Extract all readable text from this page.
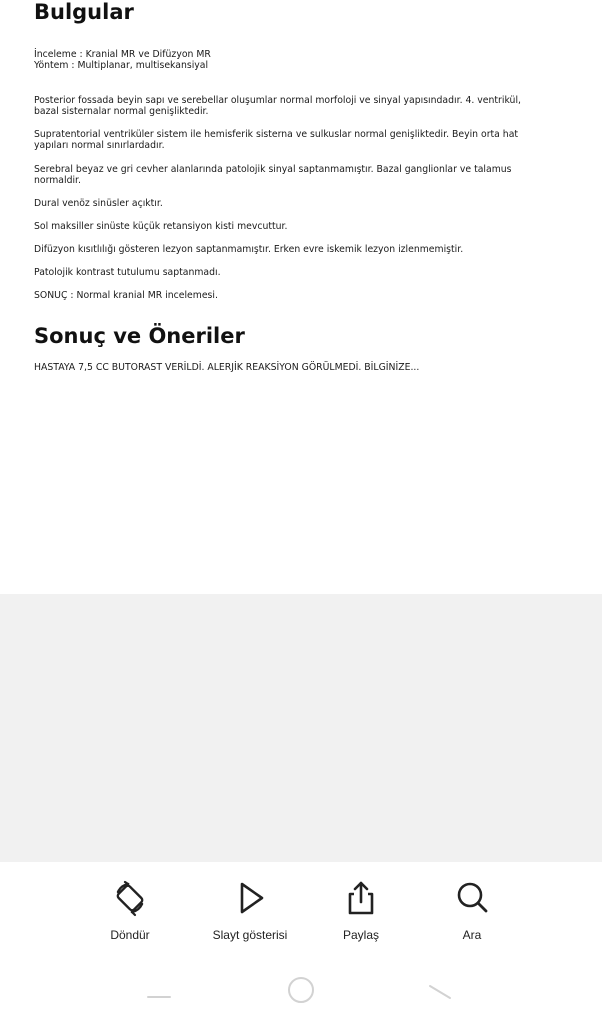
Bulgular
İnceleme : Kranial MR ve Difüzyon MR
Yöntem : Multiplanar, multisekansiyal
Posterior fossada beyin sapı ve serebellar oluşumlar normal morfoloji ve sinyal yapısındadır. 4. ventrikül,
bazal sisternalar normal genişliktedir.
Supratentorial ventriküler sistem ile hemisferik sisterna ve sulkuslar normal genişliktedir. Beyin orta hat
yapıları normal sınırlardadır.
Serebral beyaz ve gri cevher alanlarında patolojik sinyal saptanmamıştır. Bazal ganglionlar ve talamus
normaldir.
Dural venöz sinüsler açıktır.
Sol maksiller sinüste küçük retansiyon kisti mevcuttur.
Difüzyon kısıtlılığı gösteren lezyon saptanmamıştır. Erken evre iskemik lezyon izlenmemiştir.
Patolojik kontrast tutulumu saptanmadı.
SONUÇ : Normal kranial MR incelemesi.
Sonuç ve Öneriler
HASTAYA 7,5 CC BUTORAST VERİLDİ. ALERJİK REAKSİYON GÖRÜLMEDİ. BİLGİNİZE...
Döndür	Slayt gösterisi	Paylaş	Ara
